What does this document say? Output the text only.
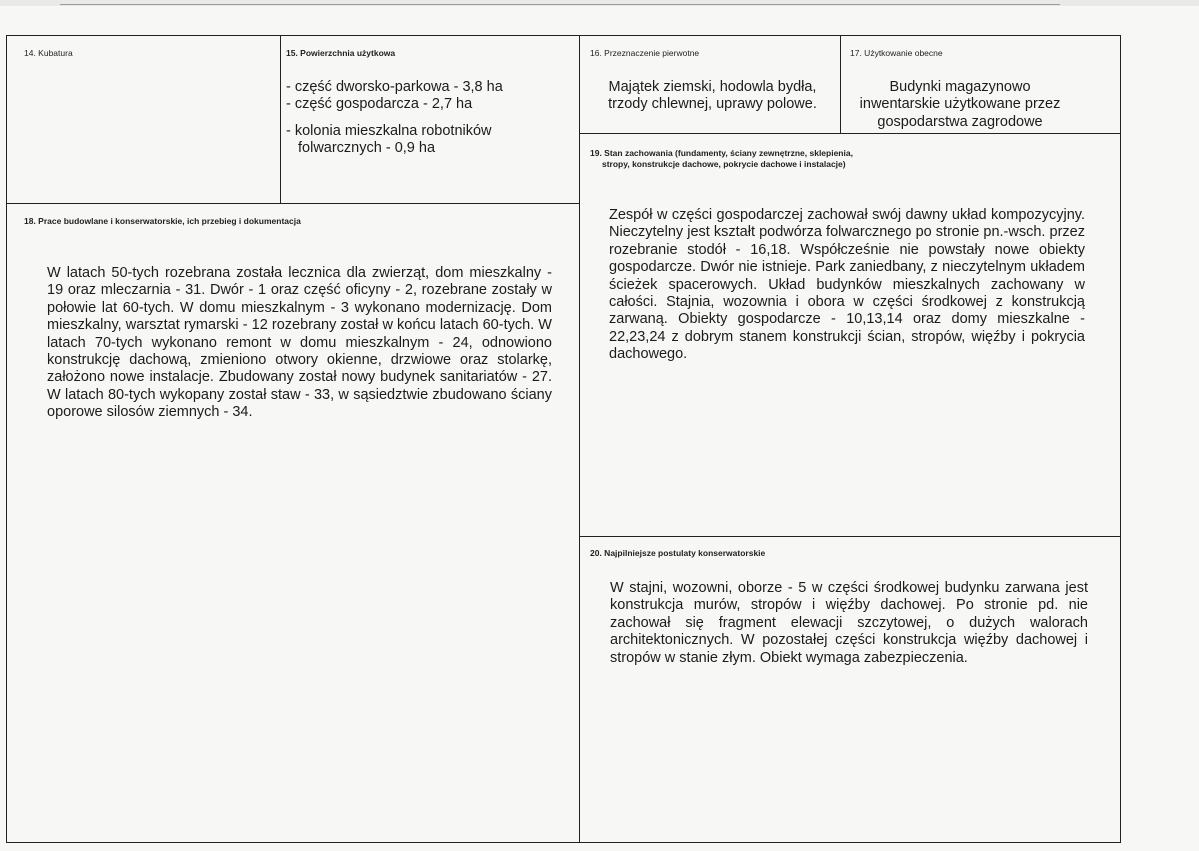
14. Kubatura	15. Powierzchnia użytkowa
- część dworsko-parkowa - 3,8 ha
- część gospodarcza - 2,7 ha
- kolonia mieszkalna robotników
folwarcznych - 0,9 ha
16. Przeznaczenie pierwotne
Majątek ziemski, hodowla bydła,
trzody chlewnej, uprawy polowe.
17. Użytkowanie obecne
Budynki magazynowo
inwentarskie użytkowane przez
gospodarstwa zagrodowe
19. Stan zachowania (fundamenty, ściany zewnętrzne, sklepienia,
stropy, konstrukcje dachowe, pokrycie dachowe i instalacje)
Zespół w części gospodarczej zachował swój dawny układ kompozycyjny. Nieczytelny jest kształt podwórza folwarcznego po stronie pn.-wsch. przez rozebranie stodół - 16,18. Współcześnie nie powstały nowe obiekty gospodarcze. Dwór nie istnieje. Park zaniedbany, z nieczytelnym układem ścieżek spacerowych. Układ budynków mieszkalnych zachowany w całości. Stajnia, wozownia i obora w części środkowej z konstrukcją zarwaną. Obiekty gospodarcze - 10,13,14 oraz domy mieszkalne - 22,23,24 z dobrym stanem konstrukcji ścian, stropów, więźby i pokrycia dachowego.
18. Prace budowlane i konserwatorskie, ich przebieg i dokumentacja
W latach 50-tych rozebrana została lecznica dla zwierząt, dom mieszkalny - 19 oraz mleczarnia - 31. Dwór - 1 oraz część oficyny - 2, rozebrane zostały w połowie lat 60-tych. W domu mieszkalnym - 3 wykonano modernizację. Dom mieszkalny, warsztat rymarski - 12 rozebrany został w końcu latach 60-tych. W latach 70-tych wykonano remont w domu mieszkalnym - 24, odnowiono konstrukcję dachową, zmieniono otwory okienne, drzwiowe oraz stolarkę, założono nowe instalacje. Zbudowany został nowy budynek sanitariatów - 27. W latach 80-tych wykopany został staw - 33, w sąsiedztwie zbudowano ściany oporowe silosów ziemnych - 34.
20. Najpilniejsze postulaty konserwatorskie
W stajni, wozowni, oborze - 5 w części środkowej budynku zarwana jest konstrukcja murów, stropów i więźby dachowej. Po stronie pd. nie zachował się fragment elewacji szczytowej, o dużych walorach architektonicznych. W pozostałej części konstrukcja więźby dachowej i stropów w stanie złym. Obiekt wymaga zabezpieczenia.
